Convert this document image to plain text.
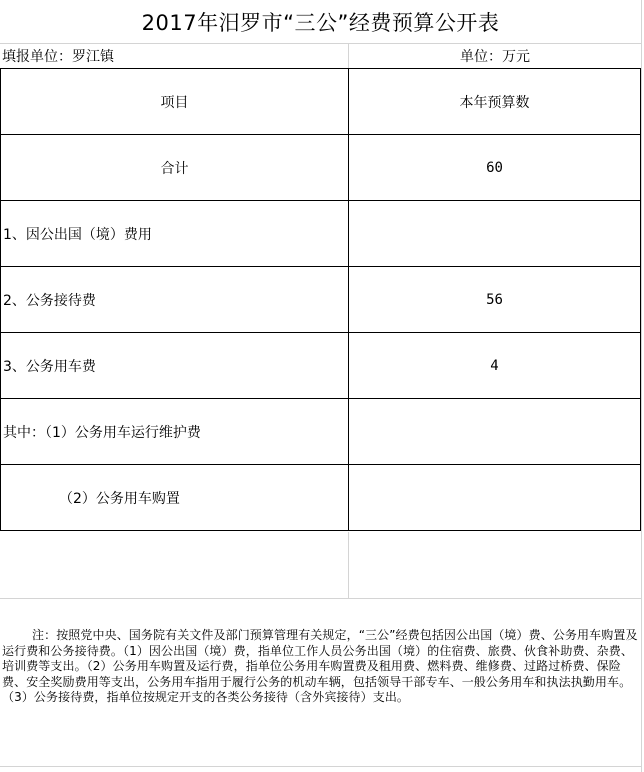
2017年汨罗市“三公”经费预算公开表
填报单位：罗江镇	单位：万元
项目	本年预算数
合计	60
1、因公出国（境）费用	
2、公务接待费	56
3、公务用车费	4
其中：（1）公务用车运行维护费	
（2）公务用车购置	
注：按照党中央、国务院有关文件及部门预算管理有关规定，“三公”经费包括因公出国（境）费、公务用车购置及运行费和公务接待费。（1）因公出国（境）费，指单位工作人员公务出国（境）的住宿费、旅费、伙食补助费、杂费、培训费等支出。（2）公务用车购置及运行费，指单位公务用车购置费及租用费、燃料费、维修费、过路过桥费、保险费、安全奖励费用等支出，公务用车指用于履行公务的机动车辆，包括领导干部专车、一般公务用车和执法执勤用车。（3）公务接待费，指单位按规定开支的各类公务接待（含外宾接待）支出。
